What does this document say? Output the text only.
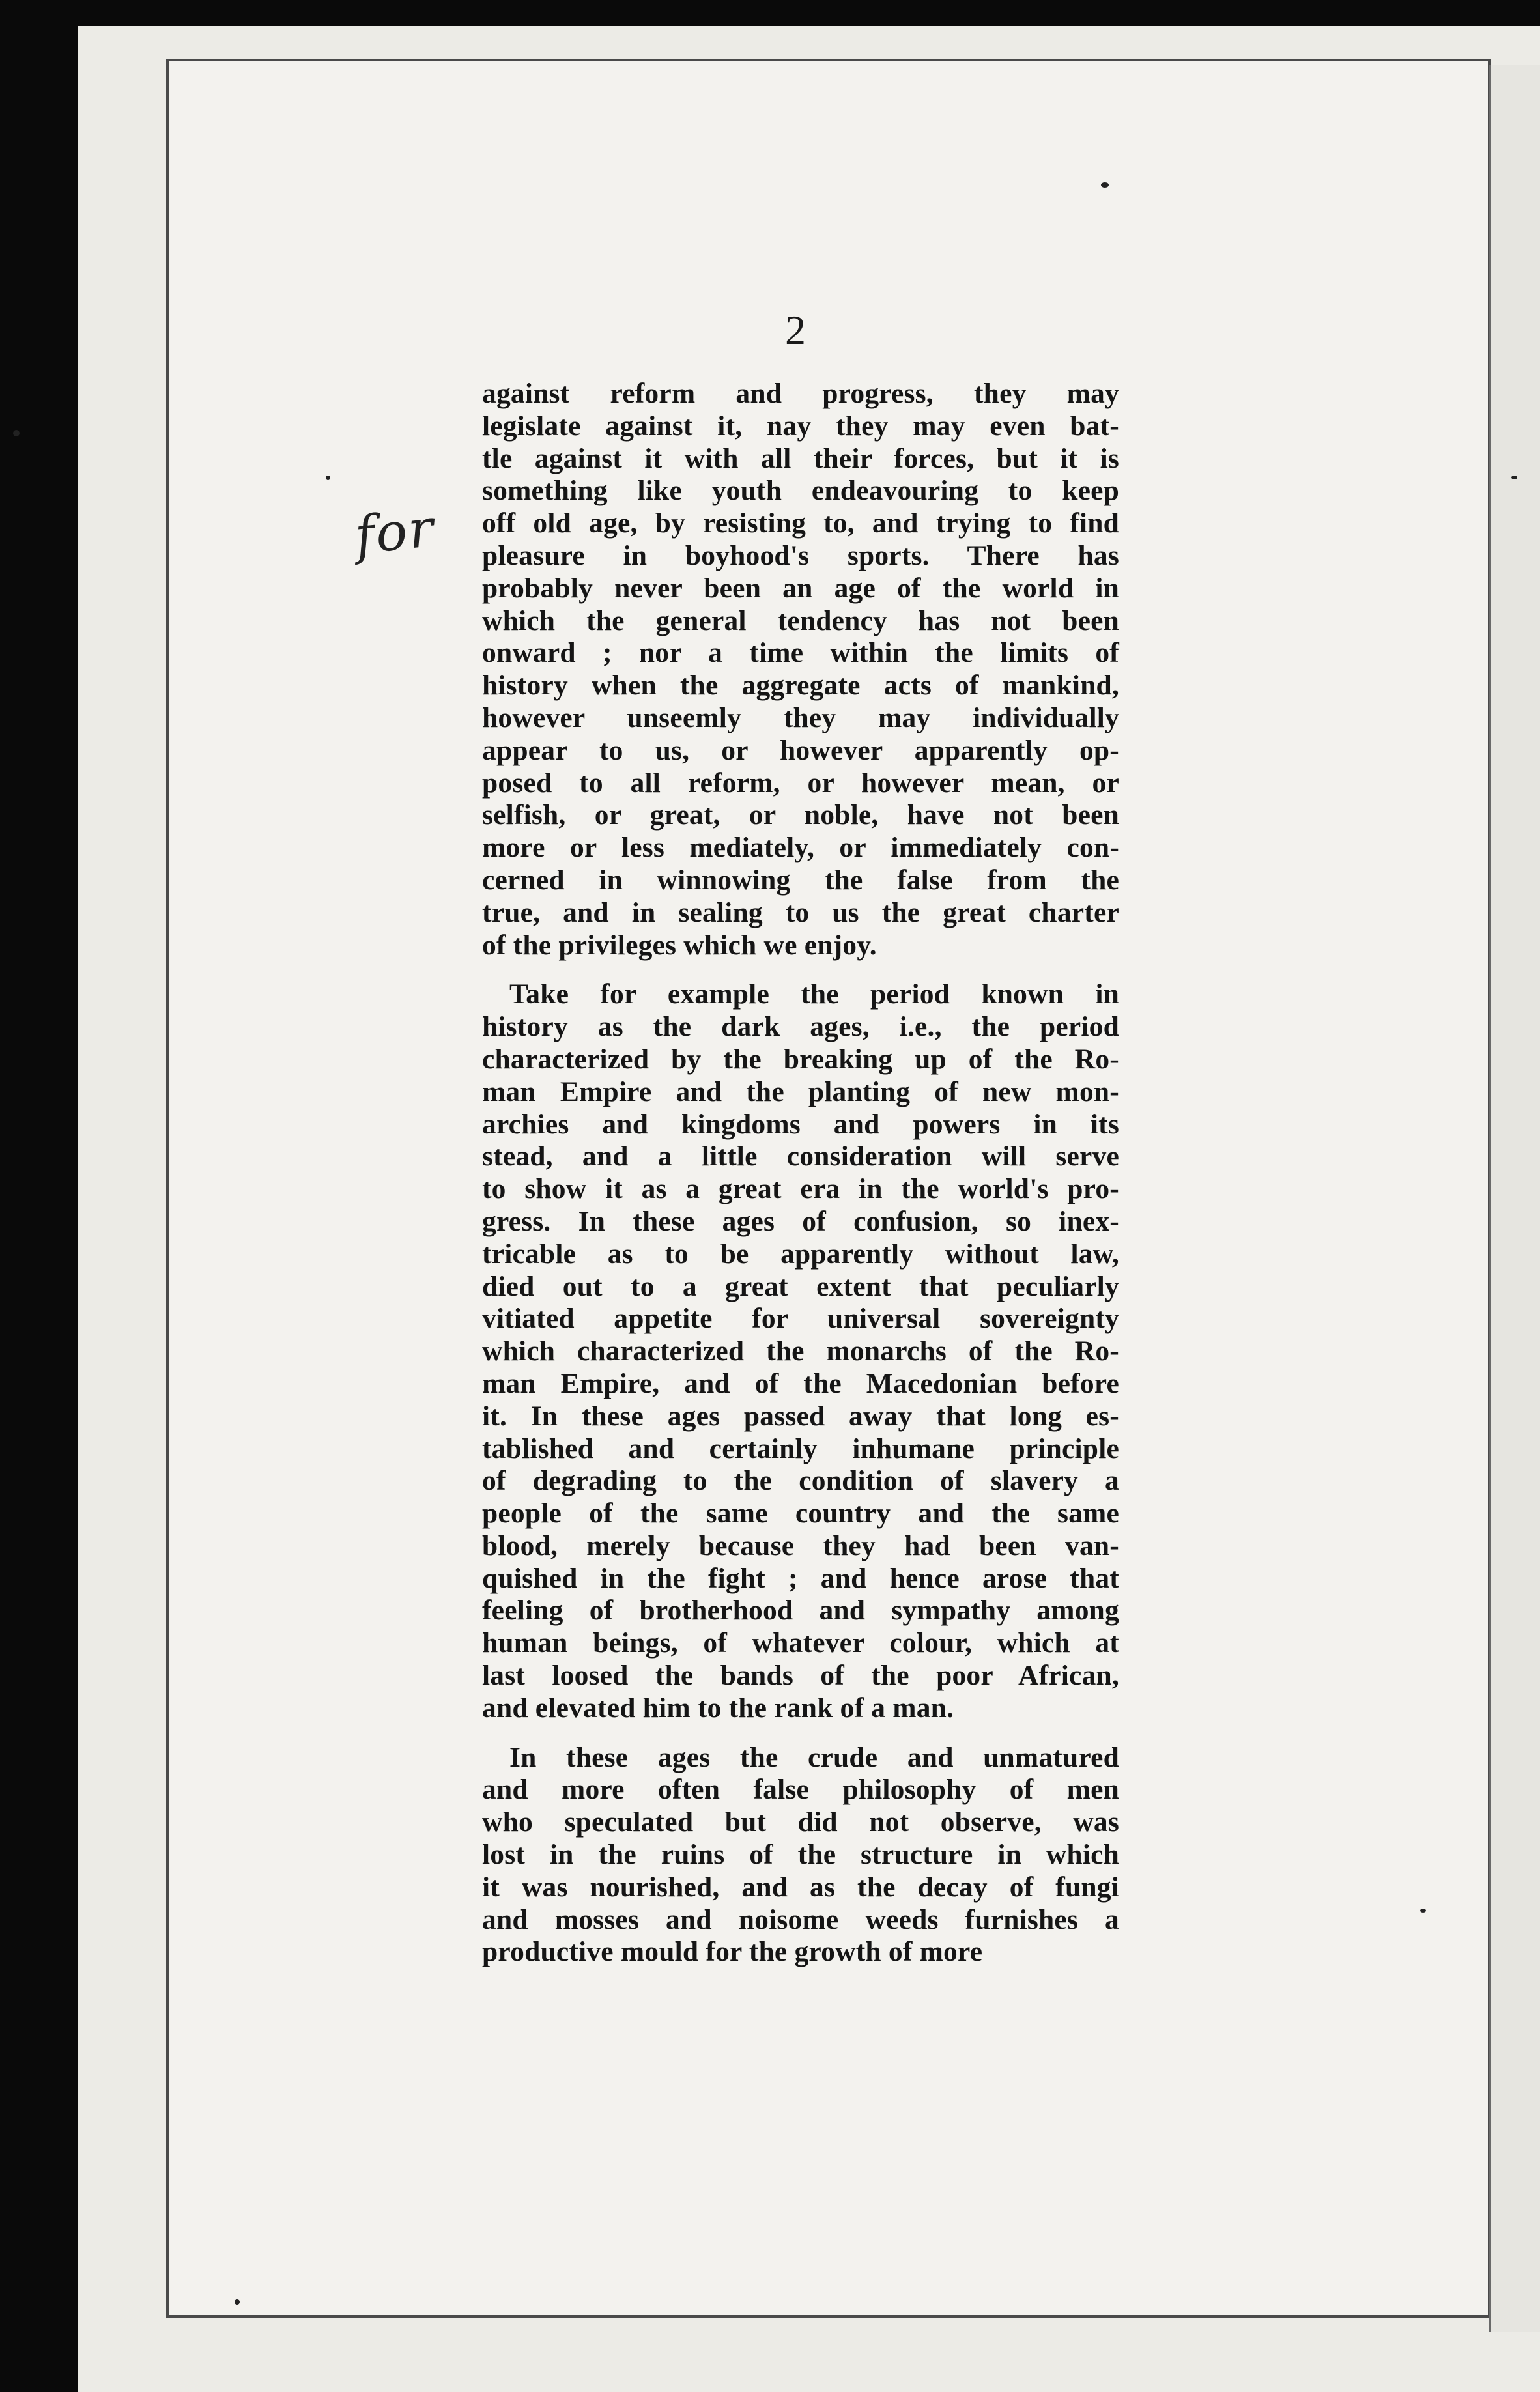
2
for
against reform and progress, they may
legislate against it, nay they may even bat-
tle against it with all their forces, but it is
something like youth endeavouring to keep
off old age, by resisting to, and trying to find
pleasure in boyhood's sports. There has
probably never been an age of the world in
which the general tendency has not been
onward ; nor a time within the limits of
history when the aggregate acts of mankind,
however unseemly they may individually
appear to us, or however apparently op-
posed to all reform, or however mean, or
selfish, or great, or noble, have not been
more or less mediately, or immediately con-
cerned in winnowing the false from the
true, and in sealing to us the great charter
of the privileges which we enjoy.
Take for example the period known in
history as the dark ages, i.e., the period
characterized by the breaking up of the Ro-
man Empire and the planting of new mon-
archies and kingdoms and powers in its
stead, and a little consideration will serve
to show it as a great era in the world's pro-
gress. In these ages of confusion, so inex-
tricable as to be apparently without law,
died out to a great extent that peculiarly
vitiated appetite for universal sovereignty
which characterized the monarchs of the Ro-
man Empire, and of the Macedonian before
it. In these ages passed away that long es-
tablished and certainly inhumane principle
of degrading to the condition of slavery a
people of the same country and the same
blood, merely because they had been van-
quished in the fight ; and hence arose that
feeling of brotherhood and sympathy among
human beings, of whatever colour, which at
last loosed the bands of the poor African,
and elevated him to the rank of a man.
In these ages the crude and unmatured
and more often false philosophy of men
who speculated but did not observe, was
lost in the ruins of the structure in which
it was nourished, and as the decay of fungi
and mosses and noisome weeds furnishes a
productive mould for the growth of more
